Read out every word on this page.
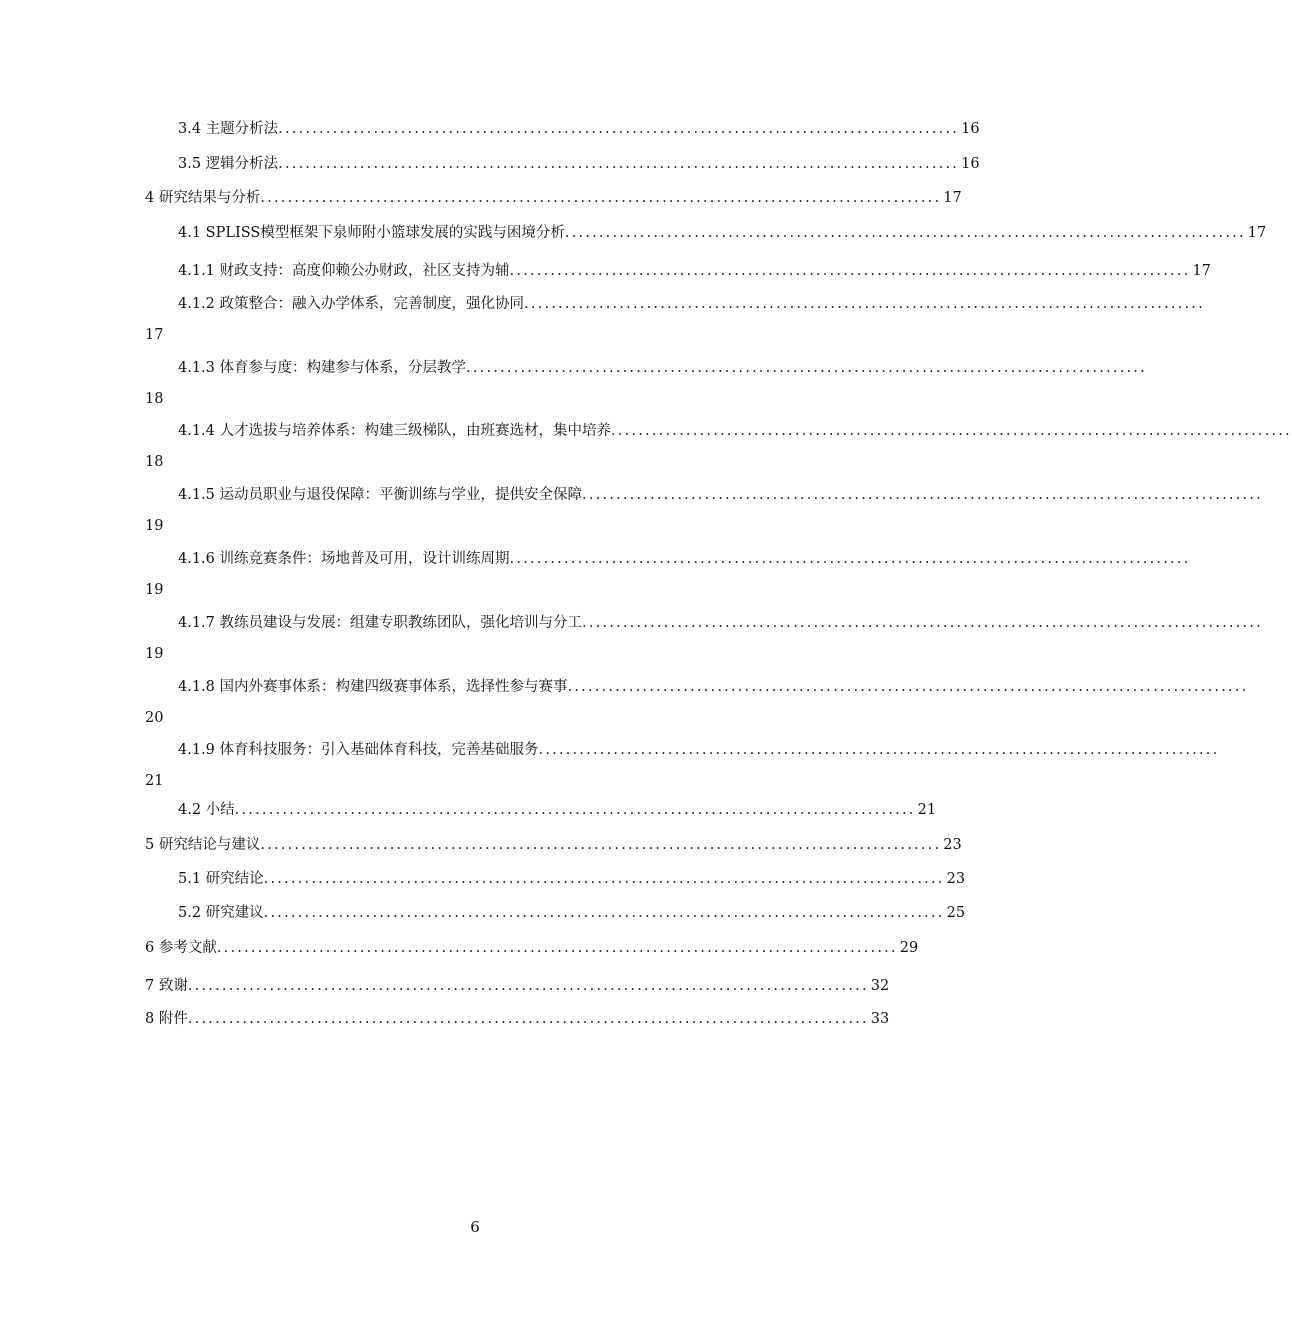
3.4 主题分析法 .................................................................................................... 16
3.5 逻辑分析法 .................................................................................................... 16
4 研究结果与分析 .................................................................................................... 17
4.1 SPLISS模型框架下泉师附小篮球发展的实践与困境分析 .................................................................................................... 17
4.1.1 财政支持：高度仰赖公办财政，社区支持为辅 .................................................................................................... 17
4.1.2 政策整合：融入办学体系，完善制度，强化协同 ....................................................................................................
17
4.1.3 体育参与度：构建参与体系，分层教学 ....................................................................................................
18
4.1.4 人才选拔与培养体系：构建三级梯队，由班赛选材，集中培养 ....................................................................................................
18
4.1.5 运动员职业与退役保障：平衡训练与学业，提供安全保障 ....................................................................................................
19
4.1.6 训练竞赛条件：场地普及可用，设计训练周期 ....................................................................................................
19
4.1.7 教练员建设与发展：组建专职教练团队，强化培训与分工 ....................................................................................................
19
4.1.8 国内外赛事体系：构建四级赛事体系，选择性参与赛事 ....................................................................................................
20
4.1.9 体育科技服务：引入基础体育科技，完善基础服务 ....................................................................................................
21
4.2 小结 .................................................................................................... 21
5 研究结论与建议 .................................................................................................... 23
5.1 研究结论 .................................................................................................... 23
5.2 研究建议 .................................................................................................... 25
6 参考文献 .................................................................................................... 29
7 致谢 .................................................................................................... 32
8 附件 .................................................................................................... 33
6
